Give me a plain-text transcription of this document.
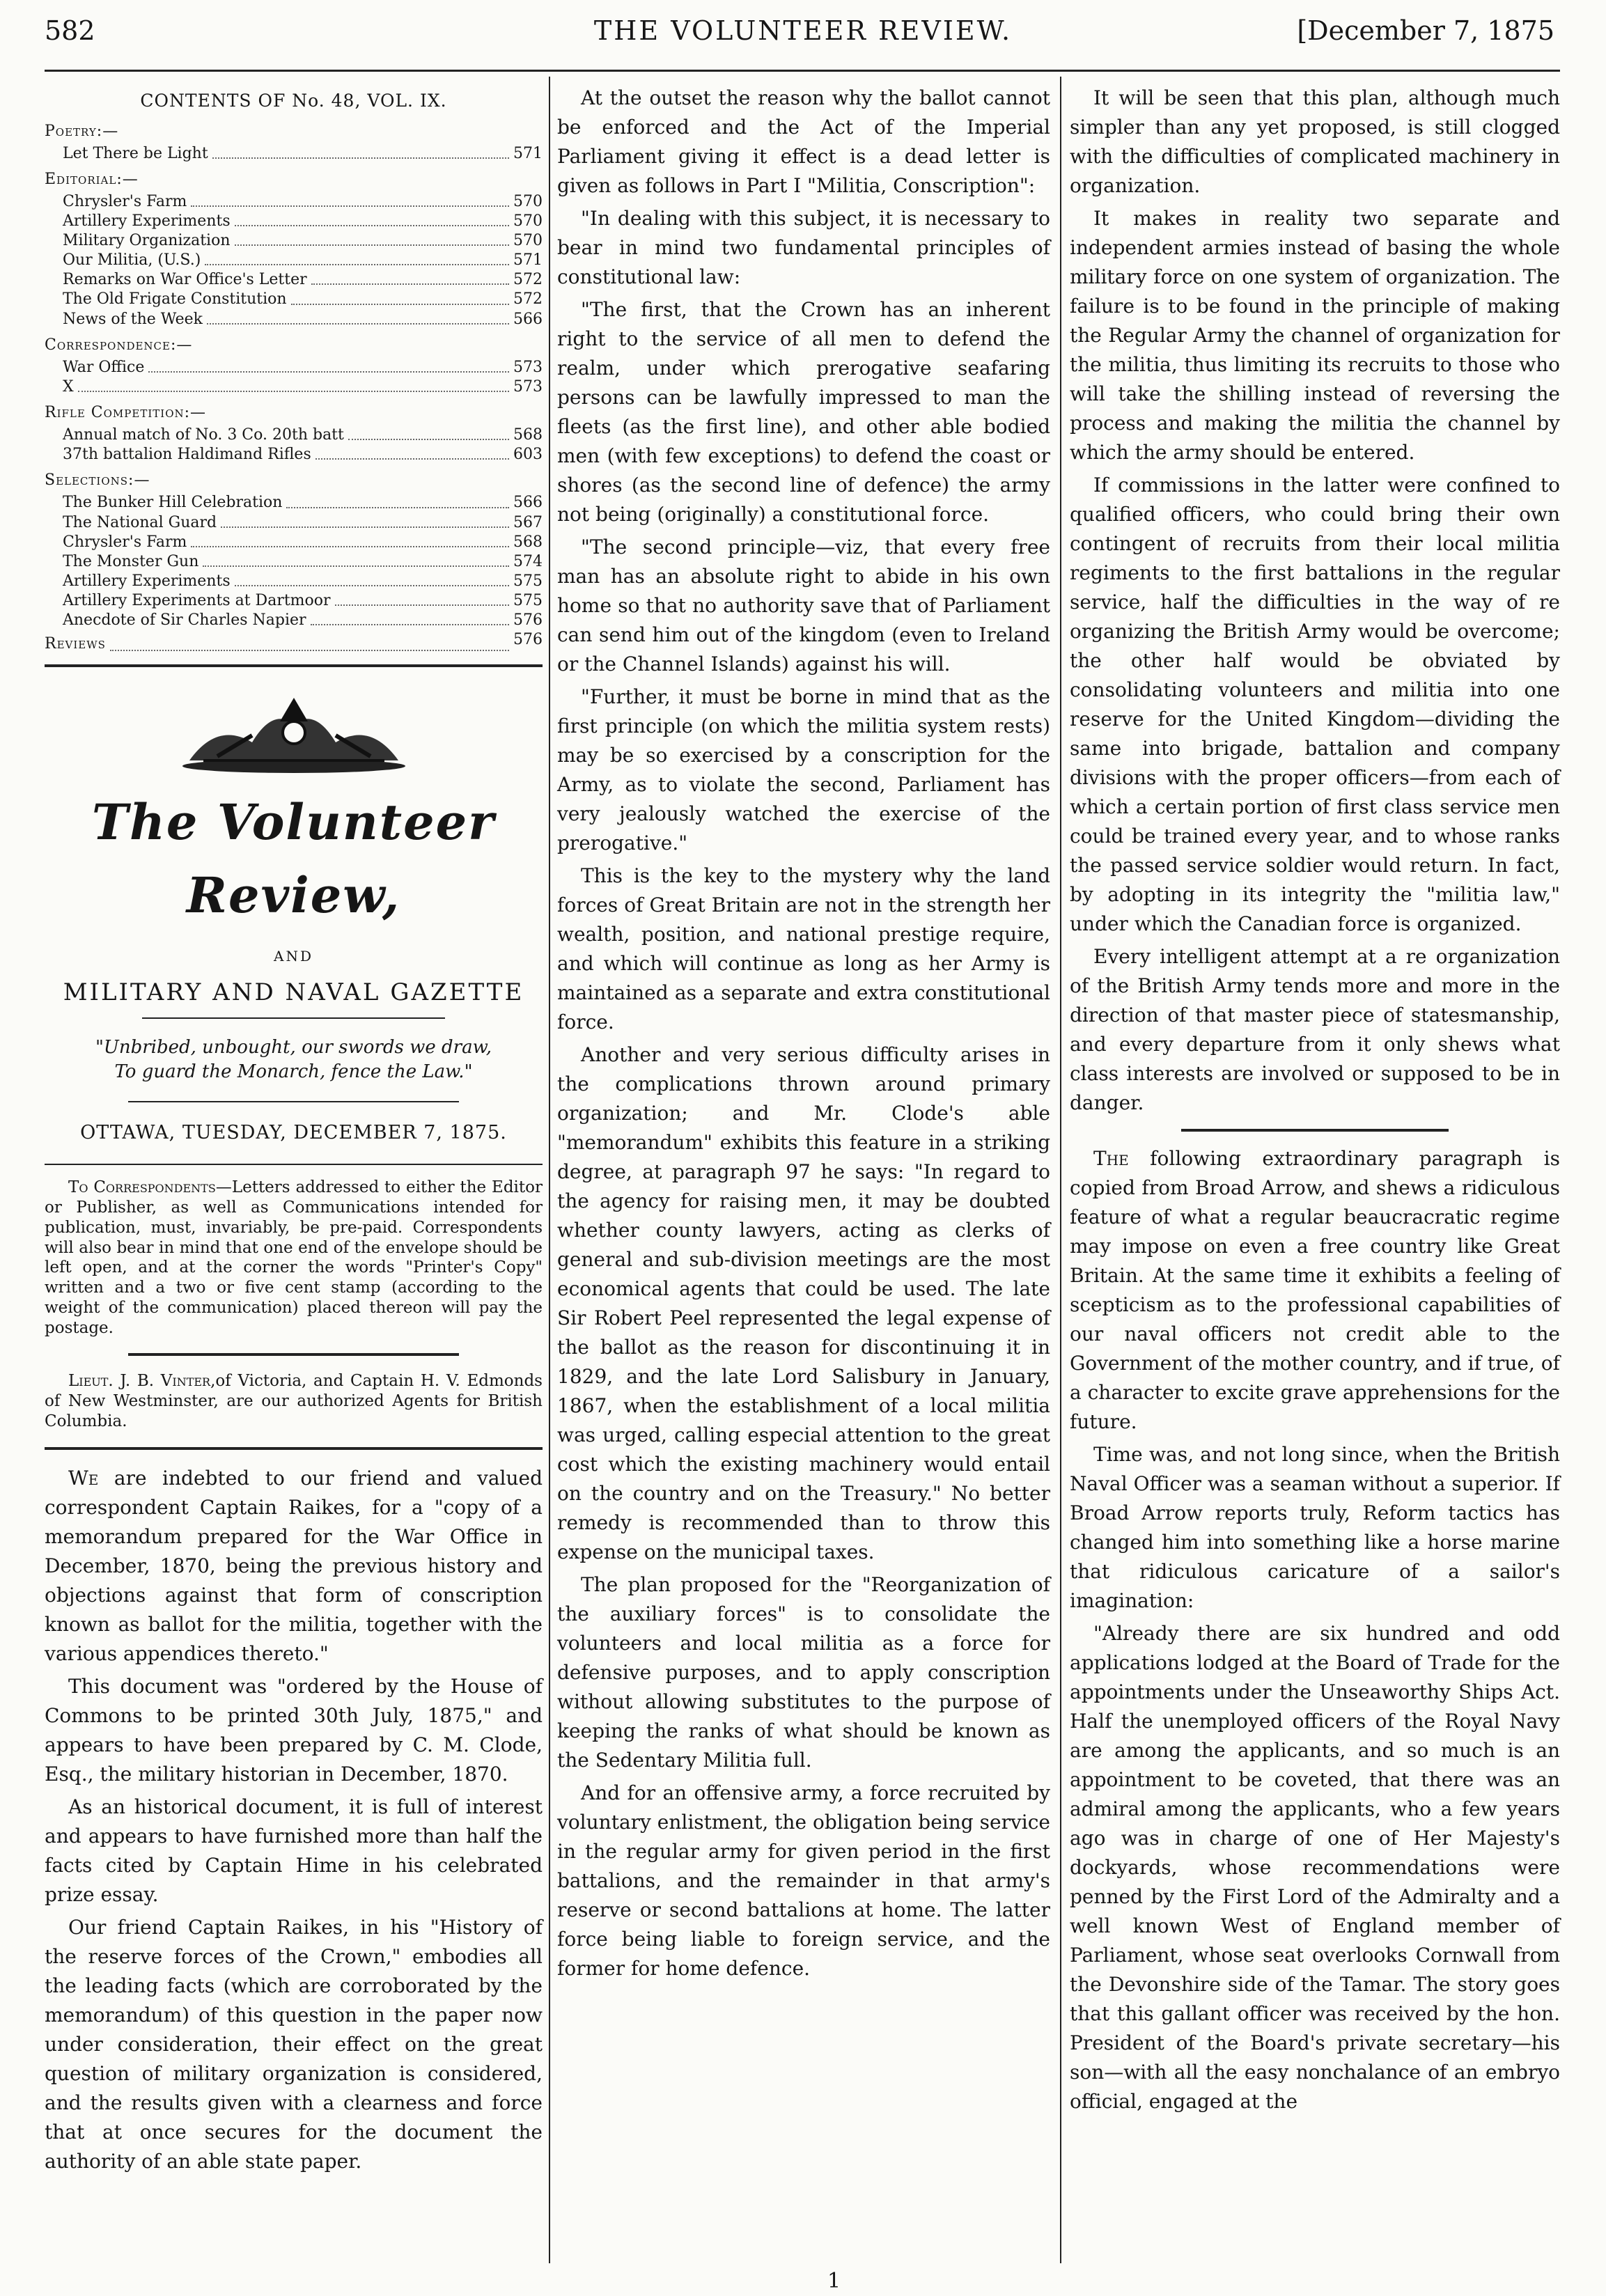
582	THE VOLUNTEER REVIEW.	[December 7, 1875
CONTENTS OF No. 48, VOL. IX.
Poetry:—
Let There be Light	571
Editorial:—
Chrysler's Farm	570
Artillery Experiments	570
Military Organization	570
Our Militia, (U.S.)	571
Remarks on War Office's Letter	572
The Old Frigate Constitution	572
News of the Week	566
Correspondence:—
War Office	573
X	573
Rifle Competition:—
Annual match of No. 3 Co. 20th batt	568
37th battalion Haldimand Rifles	603
Selections:—
The Bunker Hill Celebration	566
The National Guard	567
Chrysler's Farm	568
The Monster Gun	574
Artillery Experiments	575
Artillery Experiments at Dartmoor	575
Anecdote of Sir Charles Napier	576
Reviews	576
The Volunteer Review,
AND
MILITARY AND NAVAL GAZETTE
"Unbribed, unbought, our swords we draw,
To guard the Monarch, fence the Law."
OTTAWA, TUESDAY, DECEMBER 7, 1875.

To Correspondents—Letters addressed to either the Editor or Publisher, as well as Communications intended for publication, must, invariably, be pre-paid. Correspondents will also bear in mind that one end of the envelope should be left open, and at the corner the words "Printer's Copy" written and a two or five cent stamp (according to the weight of the communication) placed thereon will pay the postage.

Lieut. J. B. Vinter,of Victoria, and Captain H. V. Edmonds of New Westminster, are our authorized Agents for British Columbia.

We are indebted to our friend and valued correspondent Captain Raikes, for a "copy of a memorandum prepared for the War Office in December, 1870, being the previous history and objections against that form of conscription known as ballot for the militia, together with the various appendices thereto."

This document was "ordered by the House of Commons to be printed 30th July, 1875," and appears to have been prepared by C. M. Clode, Esq., the military historian in December, 1870.

As an historical document, it is full of interest and appears to have furnished more than half the facts cited by Captain Hime in his celebrated prize essay.

Our friend Captain Raikes, in his "History of the reserve forces of the Crown," embodies all the leading facts (which are corroborated by the memorandum) of this question in the paper now under consideration, their effect on the great question of military organization is considered, and the results given with a clearness and force that at once secures for the document the authority of an able state paper.

At the outset the reason why the ballot cannot be enforced and the Act of the Imperial Parliament giving it effect is a dead letter is given as follows in Part I "Militia, Conscription":

"In dealing with this subject, it is necessary to bear in mind two fundamental principles of constitutional law:

"The first, that the Crown has an inherent right to the service of all men to defend the realm, under which prerogative seafaring persons can be lawfully impressed to man the fleets (as the first line), and other able bodied men (with few exceptions) to defend the coast or shores (as the second line of defence) the army not being (originally) a constitutional force.

"The second principle—viz, that every free man has an absolute right to abide in his own home so that no authority save that of Parliament can send him out of the kingdom (even to Ireland or the Channel Islands) against his will.

"Further, it must be borne in mind that as the first principle (on which the militia system rests) may be so exercised by a conscription for the Army, as to violate the second, Parliament has very jealously watched the exercise of the prerogative."

This is the key to the mystery why the land forces of Great Britain are not in the strength her wealth, position, and national prestige require, and which will continue as long as her Army is maintained as a separate and extra constitutional force.

Another and very serious difficulty arises in the complications thrown around primary organization; and Mr. Clode's able "memorandum" exhibits this feature in a striking degree, at paragraph 97 he says: "In regard to the agency for raising men, it may be doubted whether county lawyers, acting as clerks of general and sub-division meetings are the most economical agents that could be used. The late Sir Robert Peel represented the legal expense of the ballot as the reason for discontinuing it in 1829, and the late Lord Salisbury in January, 1867, when the establishment of a local militia was urged, calling especial attention to the great cost which the existing machinery would entail on the country and on the Treasury." No better remedy is recommended than to throw this expense on the municipal taxes.

The plan proposed for the "Reorganization of the auxiliary forces" is to consolidate the volunteers and local militia as a force for defensive purposes, and to apply conscription without allowing substitutes to the purpose of keeping the ranks of what should be known as the Sedentary Militia full.

And for an offensive army, a force recruited by voluntary enlistment, the obligation being service in the regular army for given period in the first battalions, and the remainder in that army's reserve or second battalions at home. The latter force being liable to foreign service, and the former for home defence.

It will be seen that this plan, although much simpler than any yet proposed, is still clogged with the difficulties of complicated machinery in organization.

It makes in reality two separate and independent armies instead of basing the whole military force on one system of organization. The failure is to be found in the principle of making the Regular Army the channel of organization for the militia, thus limiting its recruits to those who will take the shilling instead of reversing the process and making the militia the channel by which the army should be entered.

If commissions in the latter were confined to qualified officers, who could bring their own contingent of recruits from their local militia regiments to the first battalions in the regular service, half the difficulties in the way of re organizing the British Army would be overcome; the other half would be obviated by consolidating volunteers and militia into one reserve for the United Kingdom—dividing the same into brigade, battalion and company divisions with the proper officers—from each of which a certain portion of first class service men could be trained every year, and to whose ranks the passed service soldier would return. In fact, by adopting in its integrity the "militia law," under which the Canadian force is organized.

Every intelligent attempt at a re organization of the British Army tends more and more in the direction of that master piece of statesmanship, and every departure from it only shews what class interests are involved or supposed to be in danger.

The following extraordinary paragraph is copied from Broad Arrow, and shews a ridiculous feature of what a regular beaucracratic regime may impose on even a free country like Great Britain. At the same time it exhibits a feeling of scepticism as to the professional capabilities of our naval officers not credit able to the Government of the mother country, and if true, of a character to excite grave apprehensions for the future.

Time was, and not long since, when the British Naval Officer was a seaman without a superior. If Broad Arrow reports truly, Reform tactics has changed him into something like a horse marine that ridiculous caricature of a sailor's imagination:

"Already there are six hundred and odd applications lodged at the Board of Trade for the appointments under the Unseaworthy Ships Act. Half the unemployed officers of the Royal Navy are among the applicants, and so much is an appointment to be coveted, that there was an admiral among the applicants, who a few years ago was in charge of one of Her Majesty's dockyards, whose recommendations were penned by the First Lord of the Admiralty and a well known West of England member of Parliament, whose seat overlooks Cornwall from the Devonshire side of the Tamar. The story goes that this gallant officer was received by the hon. President of the Board's private secretary—his son—with all the easy nonchalance of an embryo official, engaged at the

1
